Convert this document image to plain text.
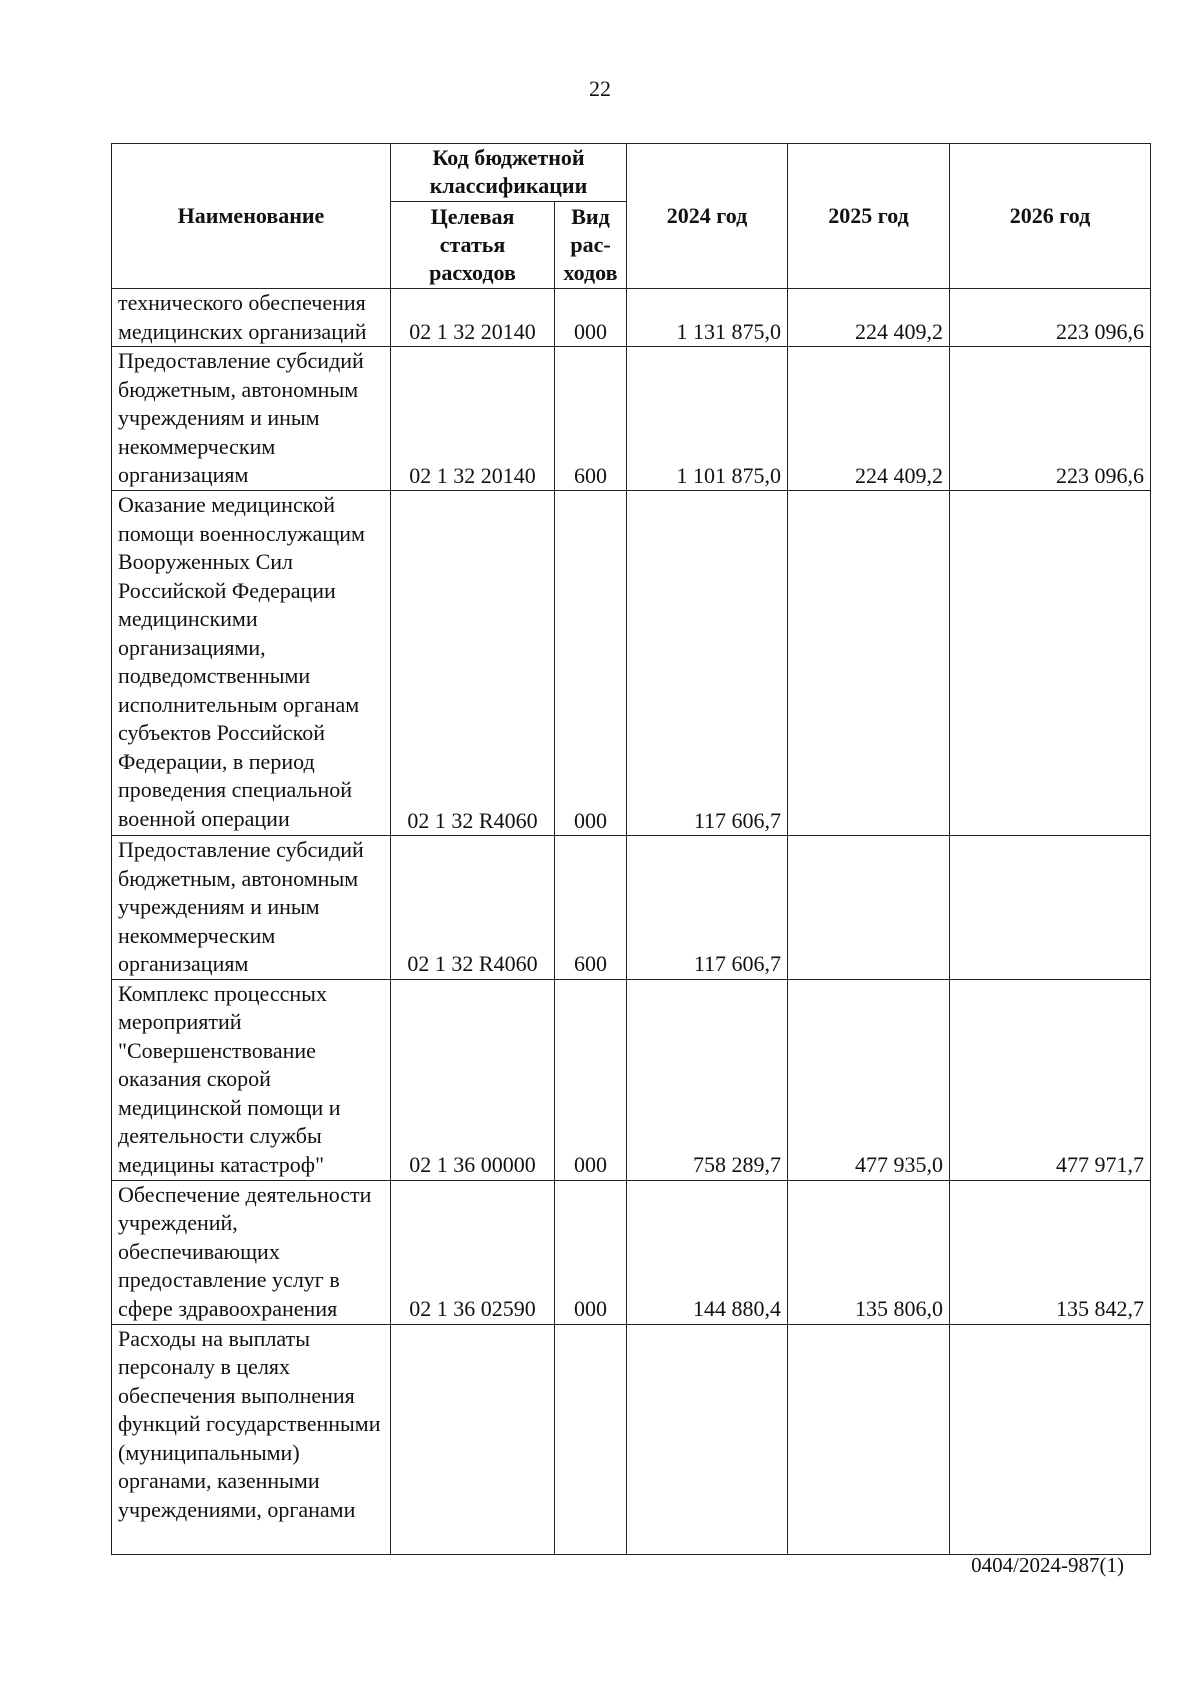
22
Наименование	Код бюджетной классификации		2024 год	2025 год	2026 год
	Целевая статья расходов	Вид рас-ходов			
технического обеспечения медицинских организаций	02 1 32 20140	000	1 131 875,0	224 409,2	223 096,6
Предоставление субсидий бюджетным, автономным учреждениям и иным некоммерческим организациям	02 1 32 20140	600	1 101 875,0	224 409,2	223 096,6
Оказание медицинской помощи военнослужащим Вооруженных Сил Российской Федерации медицинскими организациями, подведомственными исполнительным органам субъектов Российской Федерации, в период проведения специальной военной операции	02 1 32 R4060	000	117 606,7		
Предоставление субсидий бюджетным, автономным учреждениям и иным некоммерческим организациям	02 1 32 R4060	600	117 606,7		
Комплекс процессных мероприятий "Совершенствование оказания скорой медицинской помощи и деятельности службы медицины катастроф"	02 1 36 00000	000	758 289,7	477 935,0	477 971,7
Обеспечение деятельности учреждений, обеспечивающих предоставление услуг в сфере здравоохранения	02 1 36 02590	000	144 880,4	135 806,0	135 842,7
Расходы на выплаты персоналу в целях обеспечения выполнения функций государственными (муниципальными) органами, казенными учреждениями, органами					
0404/2024-987(1)
